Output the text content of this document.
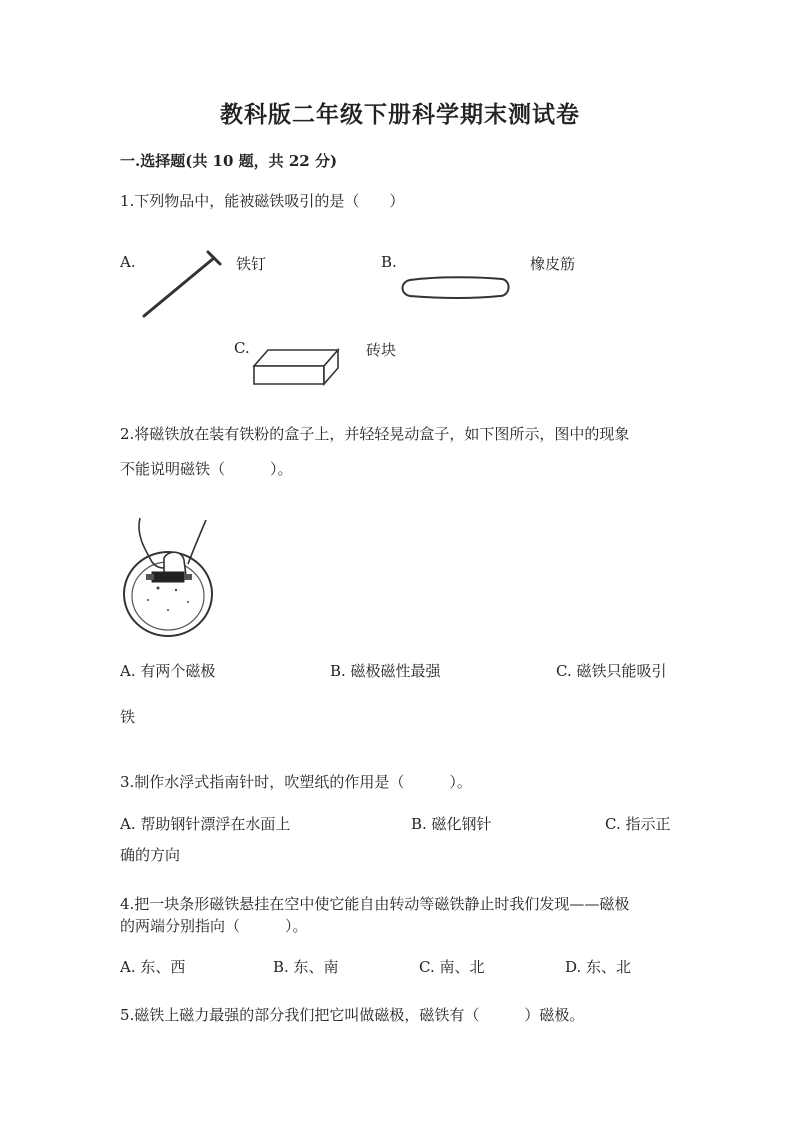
教科版二年级下册科学期末测试卷
一.选择题(共 10 题，共 22 分)
1.下列物品中，能被磁铁吸引的是（　　）
A.	铁钉	B.	橡皮筋
C.	砖块
2.将磁铁放在装有铁粉的盒子上，并轻轻晃动盒子，如下图所示，图中的现象
不能说明磁铁（　　　）。
A. 有两个磁极	B. 磁极磁性最强	C. 磁铁只能吸引
铁
3.制作水浮式指南针时，吹塑纸的作用是（　　　）。
A. 帮助钢针漂浮在水面上	B. 磁化钢针	C. 指示正
确的方向
4.把一块条形磁铁悬挂在空中使它能自由转动等磁铁静止时我们发现——磁极
的两端分别指向（　　　）。
A. 东、西	B. 东、南	C. 南、北	D. 东、北
5.磁铁上磁力最强的部分我们把它叫做磁极，磁铁有（　　　）磁极。
